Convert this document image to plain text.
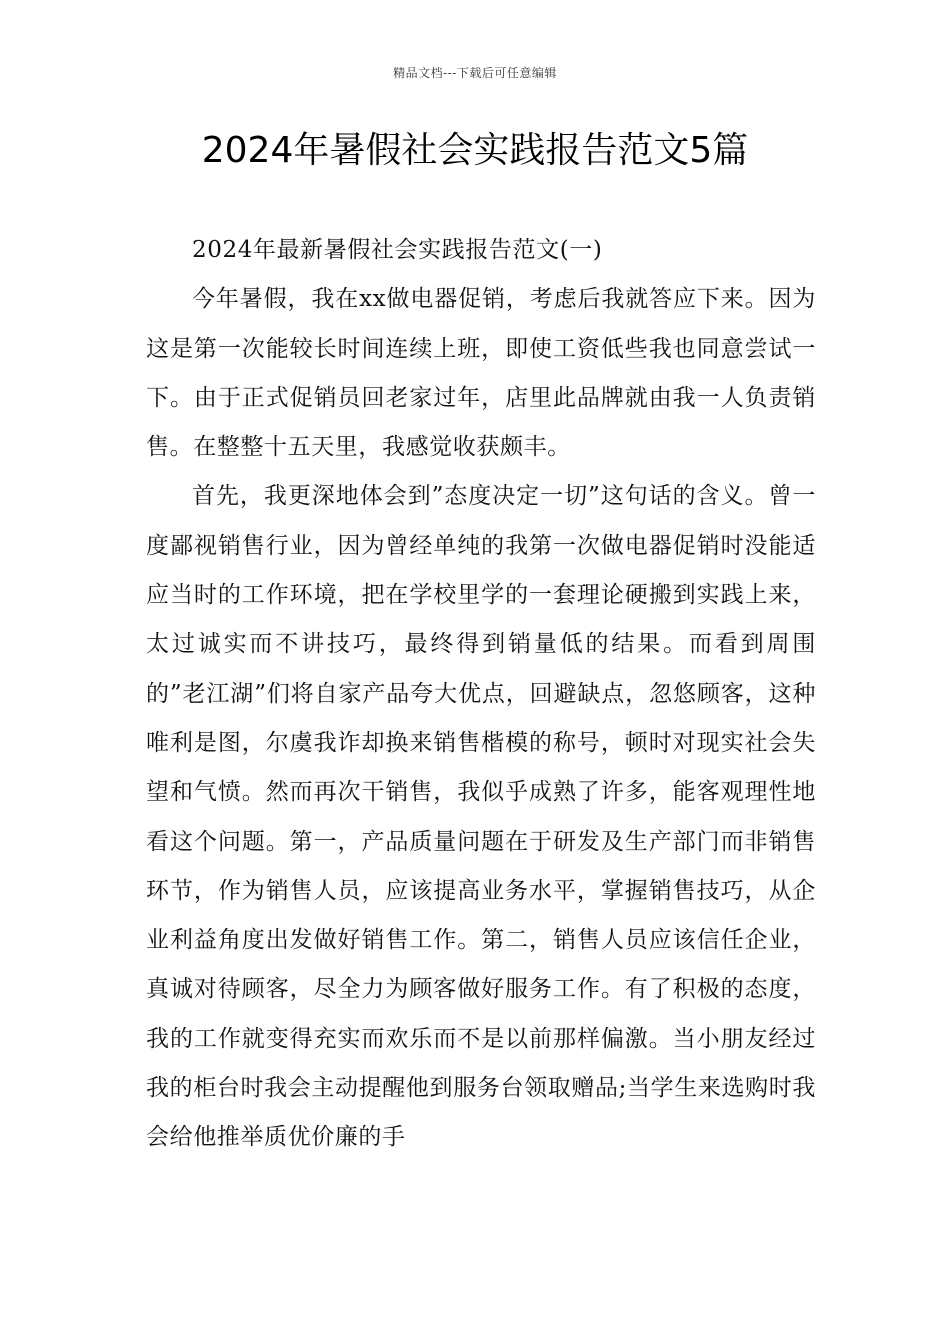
精品文档---下载后可任意编辑
2024年暑假社会实践报告范文5篇

2024年最新暑假社会实践报告范文(一)

今年暑假，我在xx做电器促销，考虑后我就答应下来。因为这是第一次能较长时间连续上班，即使工资低些我也同意尝试一下。由于正式促销员回老家过年，店里此品牌就由我一人负责销售。在整整十五天里，我感觉收获颇丰。

首先，我更深地体会到”态度决定一切”这句话的含义。曾一度鄙视销售行业，因为曾经单纯的我第一次做电器促销时没能适应当时的工作环境，把在学校里学的一套理论硬搬到实践上来，太过诚实而不讲技巧，最终得到销量低的结果。而看到周围的”老江湖”们将自家产品夸大优点，回避缺点，忽悠顾客，这种唯利是图，尔虞我诈却换来销售楷模的称号，顿时对现实社会失望和气愤。然而再次干销售，我似乎成熟了许多，能客观理性地看这个问题。第一，产品质量问题在于研发及生产部门而非销售环节，作为销售人员，应该提高业务水平，掌握销售技巧，从企业利益角度出发做好销售工作。第二，销售人员应该信任企业，真诚对待顾客，尽全力为顾客做好服务工作。有了积极的态度，我的工作就变得充实而欢乐而不是以前那样偏激。当小朋友经过我的柜台时我会主动提醒他到服务台领取赠品;当学生来选购时我会给他推举质优价廉的手
